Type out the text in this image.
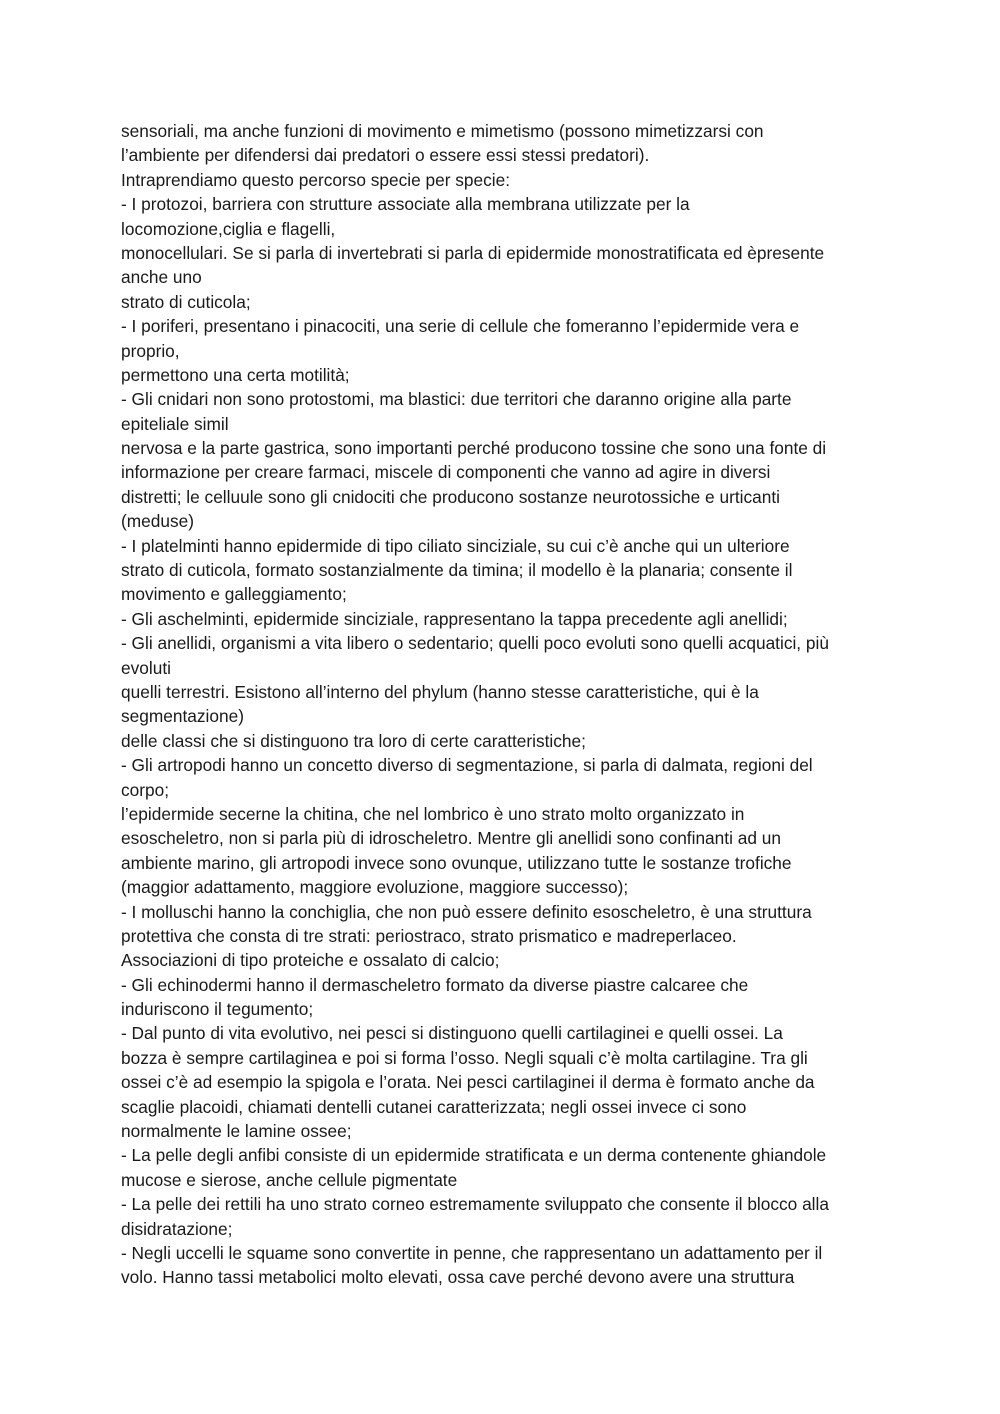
sensoriali, ma anche funzioni di movimento e mimetismo (possono mimetizzarsi con
l’ambiente per difendersi dai predatori o essere essi stessi predatori).
Intraprendiamo questo percorso specie per specie:
- I protozoi, barriera con strutture associate alla membrana utilizzate per la
locomozione,ciglia e flagelli,
monocellulari. Se si parla di invertebrati si parla di epidermide monostratificata ed èpresente
anche uno
strato di cuticola;
- I poriferi, presentano i pinacociti, una serie di cellule che fomeranno l’epidermide vera e
proprio,
permettono una certa motilità;
- Gli cnidari non sono protostomi, ma blastici: due territori che daranno origine alla parte
epiteliale simil
nervosa e la parte gastrica, sono importanti perché producono tossine che sono una fonte di
informazione per creare farmaci, miscele di componenti che vanno ad agire in diversi
distretti; le celluule sono gli cnidociti che producono sostanze neurotossiche e urticanti
(meduse)
- I platelminti hanno epidermide di tipo ciliato sinciziale, su cui c’è anche qui un ulteriore
strato di cuticola, formato sostanzialmente da timina; il modello è la planaria; consente il
movimento e galleggiamento;
- Gli aschelminti, epidermide sinciziale, rappresentano la tappa precedente agli anellidi;
- Gli anellidi, organismi a vita libero o sedentario; quelli poco evoluti sono quelli acquatici, più
evoluti
quelli terrestri. Esistono all’interno del phylum (hanno stesse caratteristiche, qui è la
segmentazione)
delle classi che si distinguono tra loro di certe caratteristiche;
- Gli artropodi hanno un concetto diverso di segmentazione, si parla di dalmata, regioni del
corpo;
l’epidermide secerne la chitina, che nel lombrico è uno strato molto organizzato in
esoscheletro, non si parla più di idroscheletro. Mentre gli anellidi sono confinanti ad un
ambiente marino, gli artropodi invece sono ovunque, utilizzano tutte le sostanze trofiche
(maggior adattamento, maggiore evoluzione, maggiore successo);
- I molluschi hanno la conchiglia, che non può essere definito esoscheletro, è una struttura
protettiva che consta di tre strati: periostraco, strato prismatico e madreperlaceo.
Associazioni di tipo proteiche e ossalato di calcio;
- Gli echinodermi hanno il dermascheletro formato da diverse piastre calcaree che
induriscono il tegumento;
- Dal punto di vita evolutivo, nei pesci si distinguono quelli cartilaginei e quelli ossei. La
bozza è sempre cartilaginea e poi si forma l’osso. Negli squali c’è molta cartilagine. Tra gli
ossei c’è ad esempio la spigola e l’orata. Nei pesci cartilaginei il derma è formato anche da
scaglie placoidi, chiamati dentelli cutanei caratterizzata; negli ossei invece ci sono
normalmente le lamine ossee;
- La pelle degli anfibi consiste di un epidermide stratificata e un derma contenente ghiandole
mucose e sierose, anche cellule pigmentate
- La pelle dei rettili ha uno strato corneo estremamente sviluppato che consente il blocco alla
disidratazione;
- Negli uccelli le squame sono convertite in penne, che rappresentano un adattamento per il
volo. Hanno tassi metabolici molto elevati, ossa cave perché devono avere una struttura
